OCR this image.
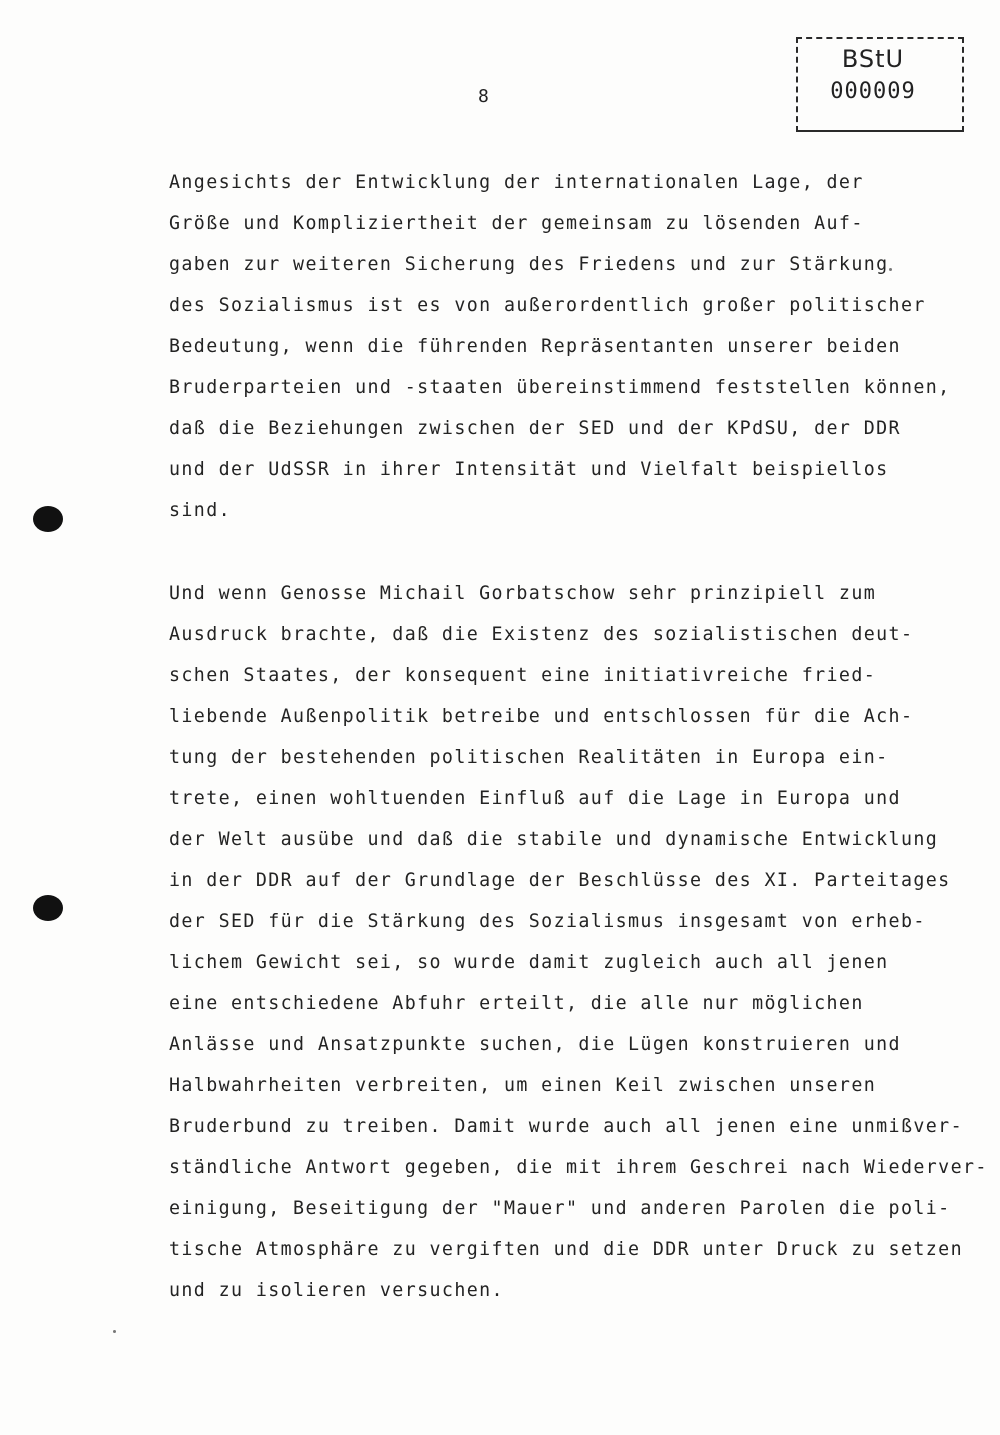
BStU
000009
8
Angesichts der Entwicklung der internationalen Lage, der
Größe und Kompliziertheit der gemeinsam zu lösenden Auf-
gaben zur weiteren Sicherung des Friedens und zur Stärkung
des Sozialismus ist es von außerordentlich großer politischer
Bedeutung, wenn die führenden Repräsentanten unserer beiden
Bruderparteien und -staaten übereinstimmend feststellen können,
daß die Beziehungen zwischen der SED und der KPdSU, der DDR
und der UdSSR in ihrer Intensität und Vielfalt beispiellos
sind.
Und wenn Genosse Michail Gorbatschow sehr prinzipiell zum
Ausdruck brachte, daß die Existenz des sozialistischen deut-
schen Staates, der konsequent eine initiativreiche fried-
liebende Außenpolitik betreibe und entschlossen für die Ach-
tung der bestehenden politischen Realitäten in Europa ein-
trete, einen wohltuenden Einfluß auf die Lage in Europa und
der Welt ausübe und daß die stabile und dynamische Entwicklung
in der DDR auf der Grundlage der Beschlüsse des XI. Parteitages
der SED für die Stärkung des Sozialismus insgesamt von erheb-
lichem Gewicht sei, so wurde damit zugleich auch all jenen
eine entschiedene Abfuhr erteilt, die alle nur möglichen
Anlässe und Ansatzpunkte suchen, die Lügen konstruieren und
Halbwahrheiten verbreiten, um einen Keil zwischen unseren
Bruderbund zu treiben. Damit wurde auch all jenen eine unmißver-
ständliche Antwort gegeben, die mit ihrem Geschrei nach Wiederver-
einigung, Beseitigung der "Mauer" und anderen Parolen die poli-
tische Atmosphäre zu vergiften und die DDR unter Druck zu setzen
und zu isolieren versuchen.
